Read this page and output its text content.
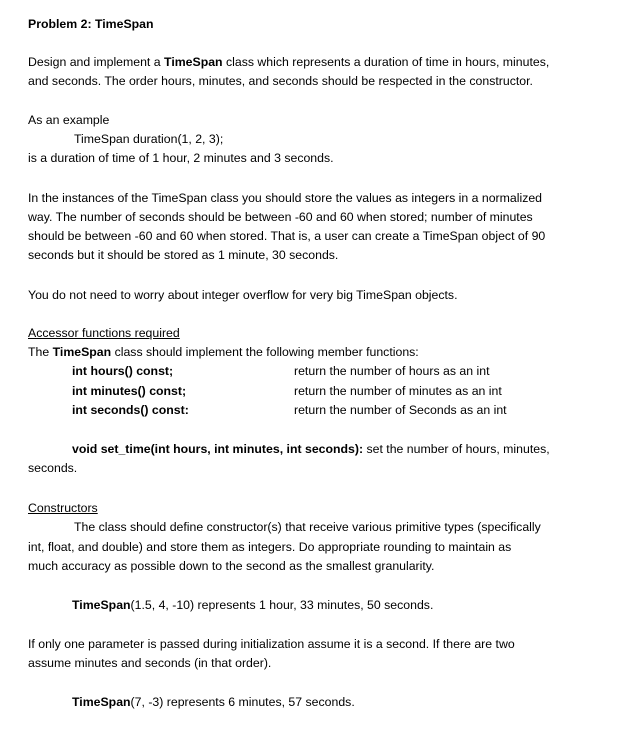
Problem 2: TimeSpan
Design and implement a TimeSpan class which represents a duration of time in hours, minutes,
and seconds. The order hours, minutes, and seconds should be respected in the constructor.
As an example
TimeSpan duration(1, 2, 3);
is a duration of time of 1 hour, 2 minutes and 3 seconds.
In the instances of the TimeSpan class you should store the values as integers in a normalized
way. The number of seconds should be between -60 and 60 when stored; number of minutes
should be between -60 and 60 when stored. That is, a user can create a TimeSpan object of 90
seconds but it should be stored as 1 minute, 30 seconds.
You do not need to worry about integer overflow for very big TimeSpan objects.
Accessor functions required
The TimeSpan class should implement the following member functions:
int hours() const;	return the number of hours as an int
int minutes() const;	return the number of minutes as an int
int seconds() const:	return the number of Seconds as an int
void set_time(int hours, int minutes, int seconds): set the number of hours, minutes,
seconds.
Constructors
The class should define constructor(s) that receive various primitive types (specifically
int, float, and double) and store them as integers. Do appropriate rounding to maintain as
much accuracy as possible down to the second as the smallest granularity.
TimeSpan(1.5, 4, -10) represents 1 hour, 33 minutes, 50 seconds.
If only one parameter is passed during initialization assume it is a second. If there are two
assume minutes and seconds (in that order).
TimeSpan(7, -3) represents 6 minutes, 57 seconds.
